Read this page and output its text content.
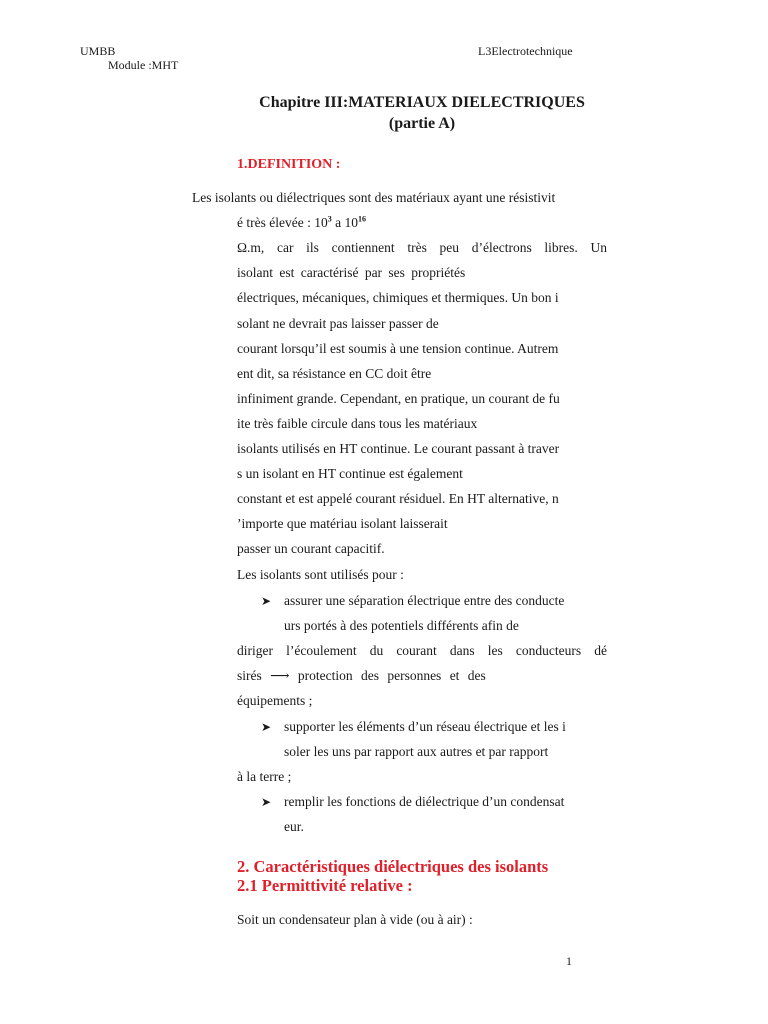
UMBB
Module :MHT
L3Electrotechnique
Chapitre III:MATERIAUX DIELECTRIQUES
(partie A)
1.DEFINITION :
Les isolants ou diélectriques sont des matériaux ayant une résistivit
é très élevée : $10^3$ a $10^{16}$
Ω.m, car ils contiennent très peu d’électrons libres. Un
isolant est caractérisé par ses propriétés
électriques, mécaniques, chimiques et thermiques. Un bon i
solant ne devrait pas laisser passer de
courant lorsqu’il est soumis à une tension continue. Autrem
ent dit, sa résistance en CC doit être
infiniment grande. Cependant, en pratique, un courant de fu
ite très faible circule dans tous les matériaux
isolants utilisés en HT continue. Le courant passant à traver
s un isolant en HT continue est également
constant et est appelé courant résiduel. En HT alternative, n
’importe que matériau isolant laisserait
passer un courant capacitif.
Les isolants sont utilisés pour :
➤ assurer une séparation électrique entre des conducte
urs portés à des potentiels différents afin de
diriger l’écoulement du courant dans les conducteurs dé
sirés ⟶ protection des personnes et des
équipements ;
➤ supporter les éléments d’un réseau électrique et les i
soler les uns par rapport aux autres et par rapport
à la terre ;
➤ remplir les fonctions de diélectrique d’un condensat
eur.
2. Caractéristiques diélectriques des isolants
2.1 Permittivité relative :
Soit un condensateur plan à vide (ou à air) :
1
